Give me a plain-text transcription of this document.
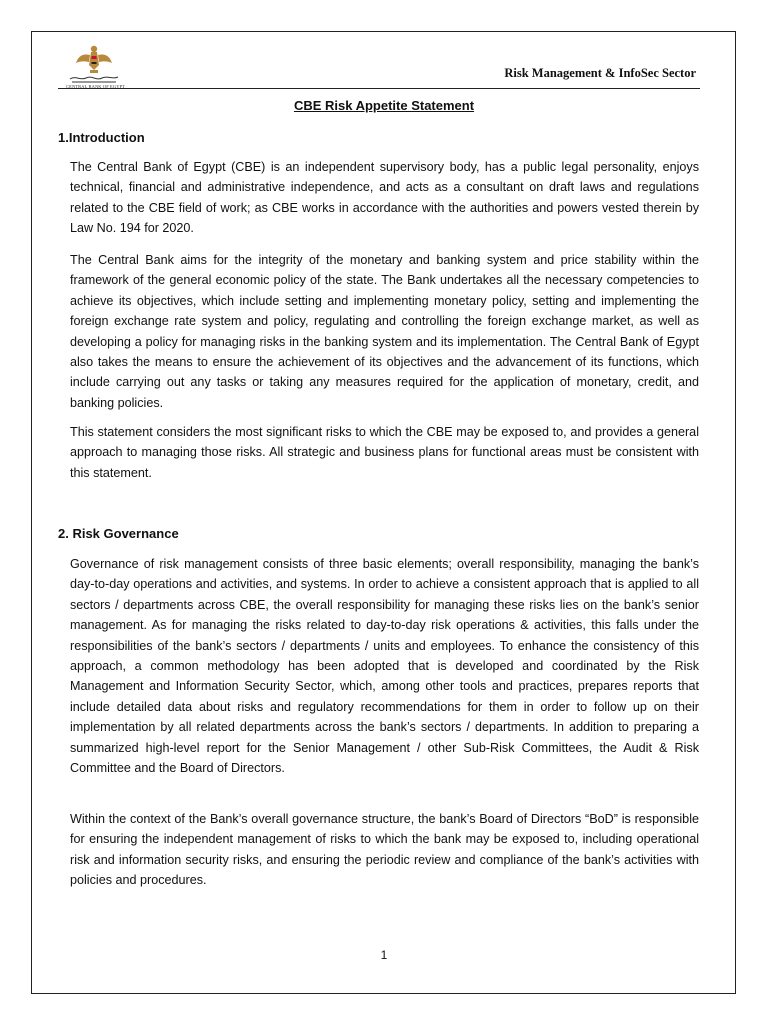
CENTRAL BANK OF EGYPT
Risk Management & InfoSec Sector
CBE Risk Appetite Statement
1.Introduction

The Central Bank of Egypt (CBE) is an independent supervisory body, has a public legal personality, enjoys technical, financial and administrative independence, and acts as a consultant on draft laws and regulations related to the CBE field of work; as CBE works in accordance with the authorities and powers vested therein by Law No. 194 for 2020.

The Central Bank aims for the integrity of the monetary and banking system and price stability within the framework of the general economic policy of the state. The Bank undertakes all the necessary competencies to achieve its objectives, which include setting and implementing monetary policy, setting and implementing the foreign exchange rate system and policy, regulating and controlling the foreign exchange market, as well as developing a policy for managing risks in the banking system and its implementation. The Central Bank of Egypt also takes the means to ensure the achievement of its objectives and the advancement of its functions, which include carrying out any tasks or taking any measures required for the application of monetary, credit, and banking policies.

This statement considers the most significant risks to which the CBE may be exposed to, and provides a general approach to managing those risks. All strategic and business plans for functional areas must be consistent with this statement.

2. Risk Governance

Governance of risk management consists of three basic elements; overall responsibility, managing the bank’s day-to-day operations and activities, and systems. In order to achieve a consistent approach that is applied to all sectors / departments across CBE, the overall responsibility for managing these risks lies on the bank’s senior management. As for managing the risks related to day-to-day risk operations & activities, this falls under the responsibilities of the bank’s sectors / departments / units and employees. To enhance the consistency of this approach, a common methodology has been adopted that is developed and coordinated by the Risk Management and Information Security Sector, which, among other tools and practices, prepares reports that include detailed data about risks and regulatory recommendations for them in order to follow up on their implementation by all related departments across the bank’s sectors / departments. In addition to preparing a summarized high-level report for the Senior Management / other Sub-Risk Committees, the Audit & Risk Committee and the Board of Directors.

Within the context of the Bank’s overall governance structure, the bank’s Board of Directors “BoD” is responsible for ensuring the independent management of risks to which the bank may be exposed to, including operational risk and information security risks, and ensuring the periodic review and compliance of the bank’s activities with policies and procedures.

1
